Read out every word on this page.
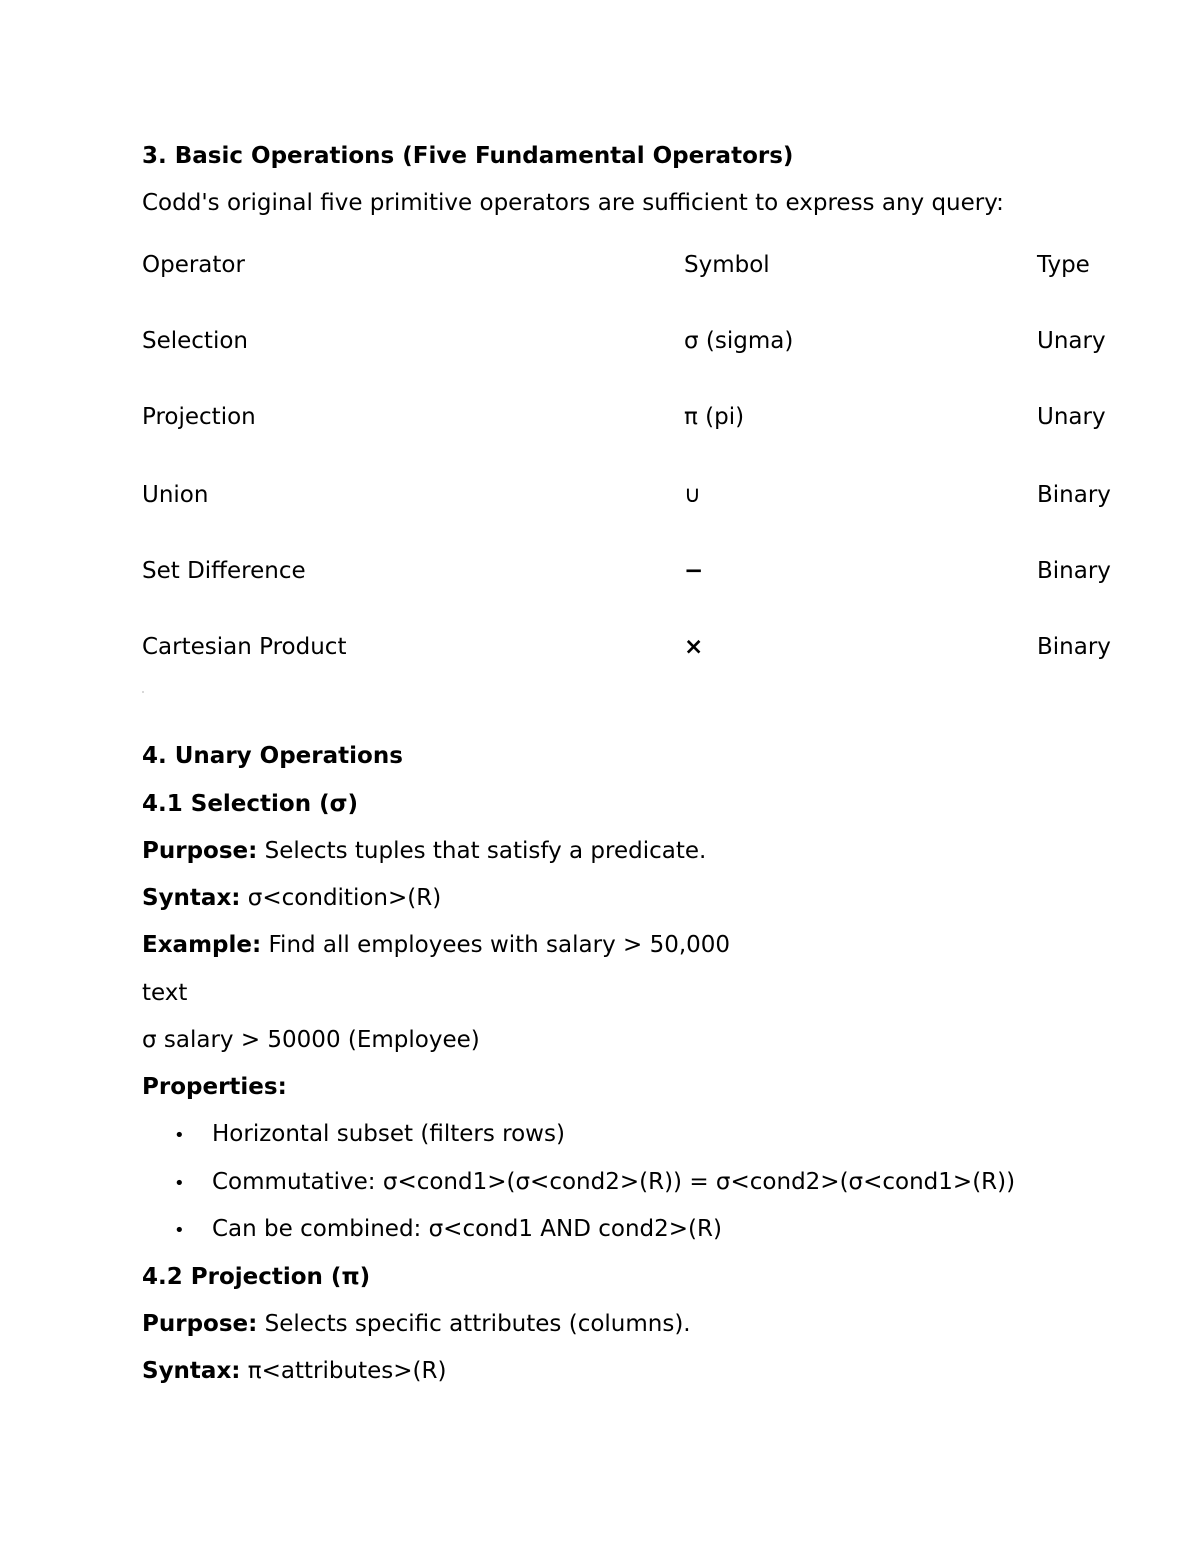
3. Basic Operations (Five Fundamental Operators)
Codd's original five primitive operators are sufficient to express any query:
Operator	Symbol	Type
Selection	σ (sigma)	Unary
Projection	π (pi)	Unary
Union	∪	Binary
Set Difference	−	Binary
Cartesian Product	×	Binary
4. Unary Operations
4.1 Selection (σ)
Purpose: Selects tuples that satisfy a predicate.
Syntax: σ<condition>(R)
Example: Find all employees with salary > 50,000
text
σ salary > 50000 (Employee)
Properties:
• Horizontal subset (filters rows)
• Commutative: σ<cond1>(σ<cond2>(R)) = σ<cond2>(σ<cond1>(R))
• Can be combined: σ<cond1 AND cond2>(R)
4.2 Projection (π)
Purpose: Selects specific attributes (columns).
Syntax: π<attributes>(R)
